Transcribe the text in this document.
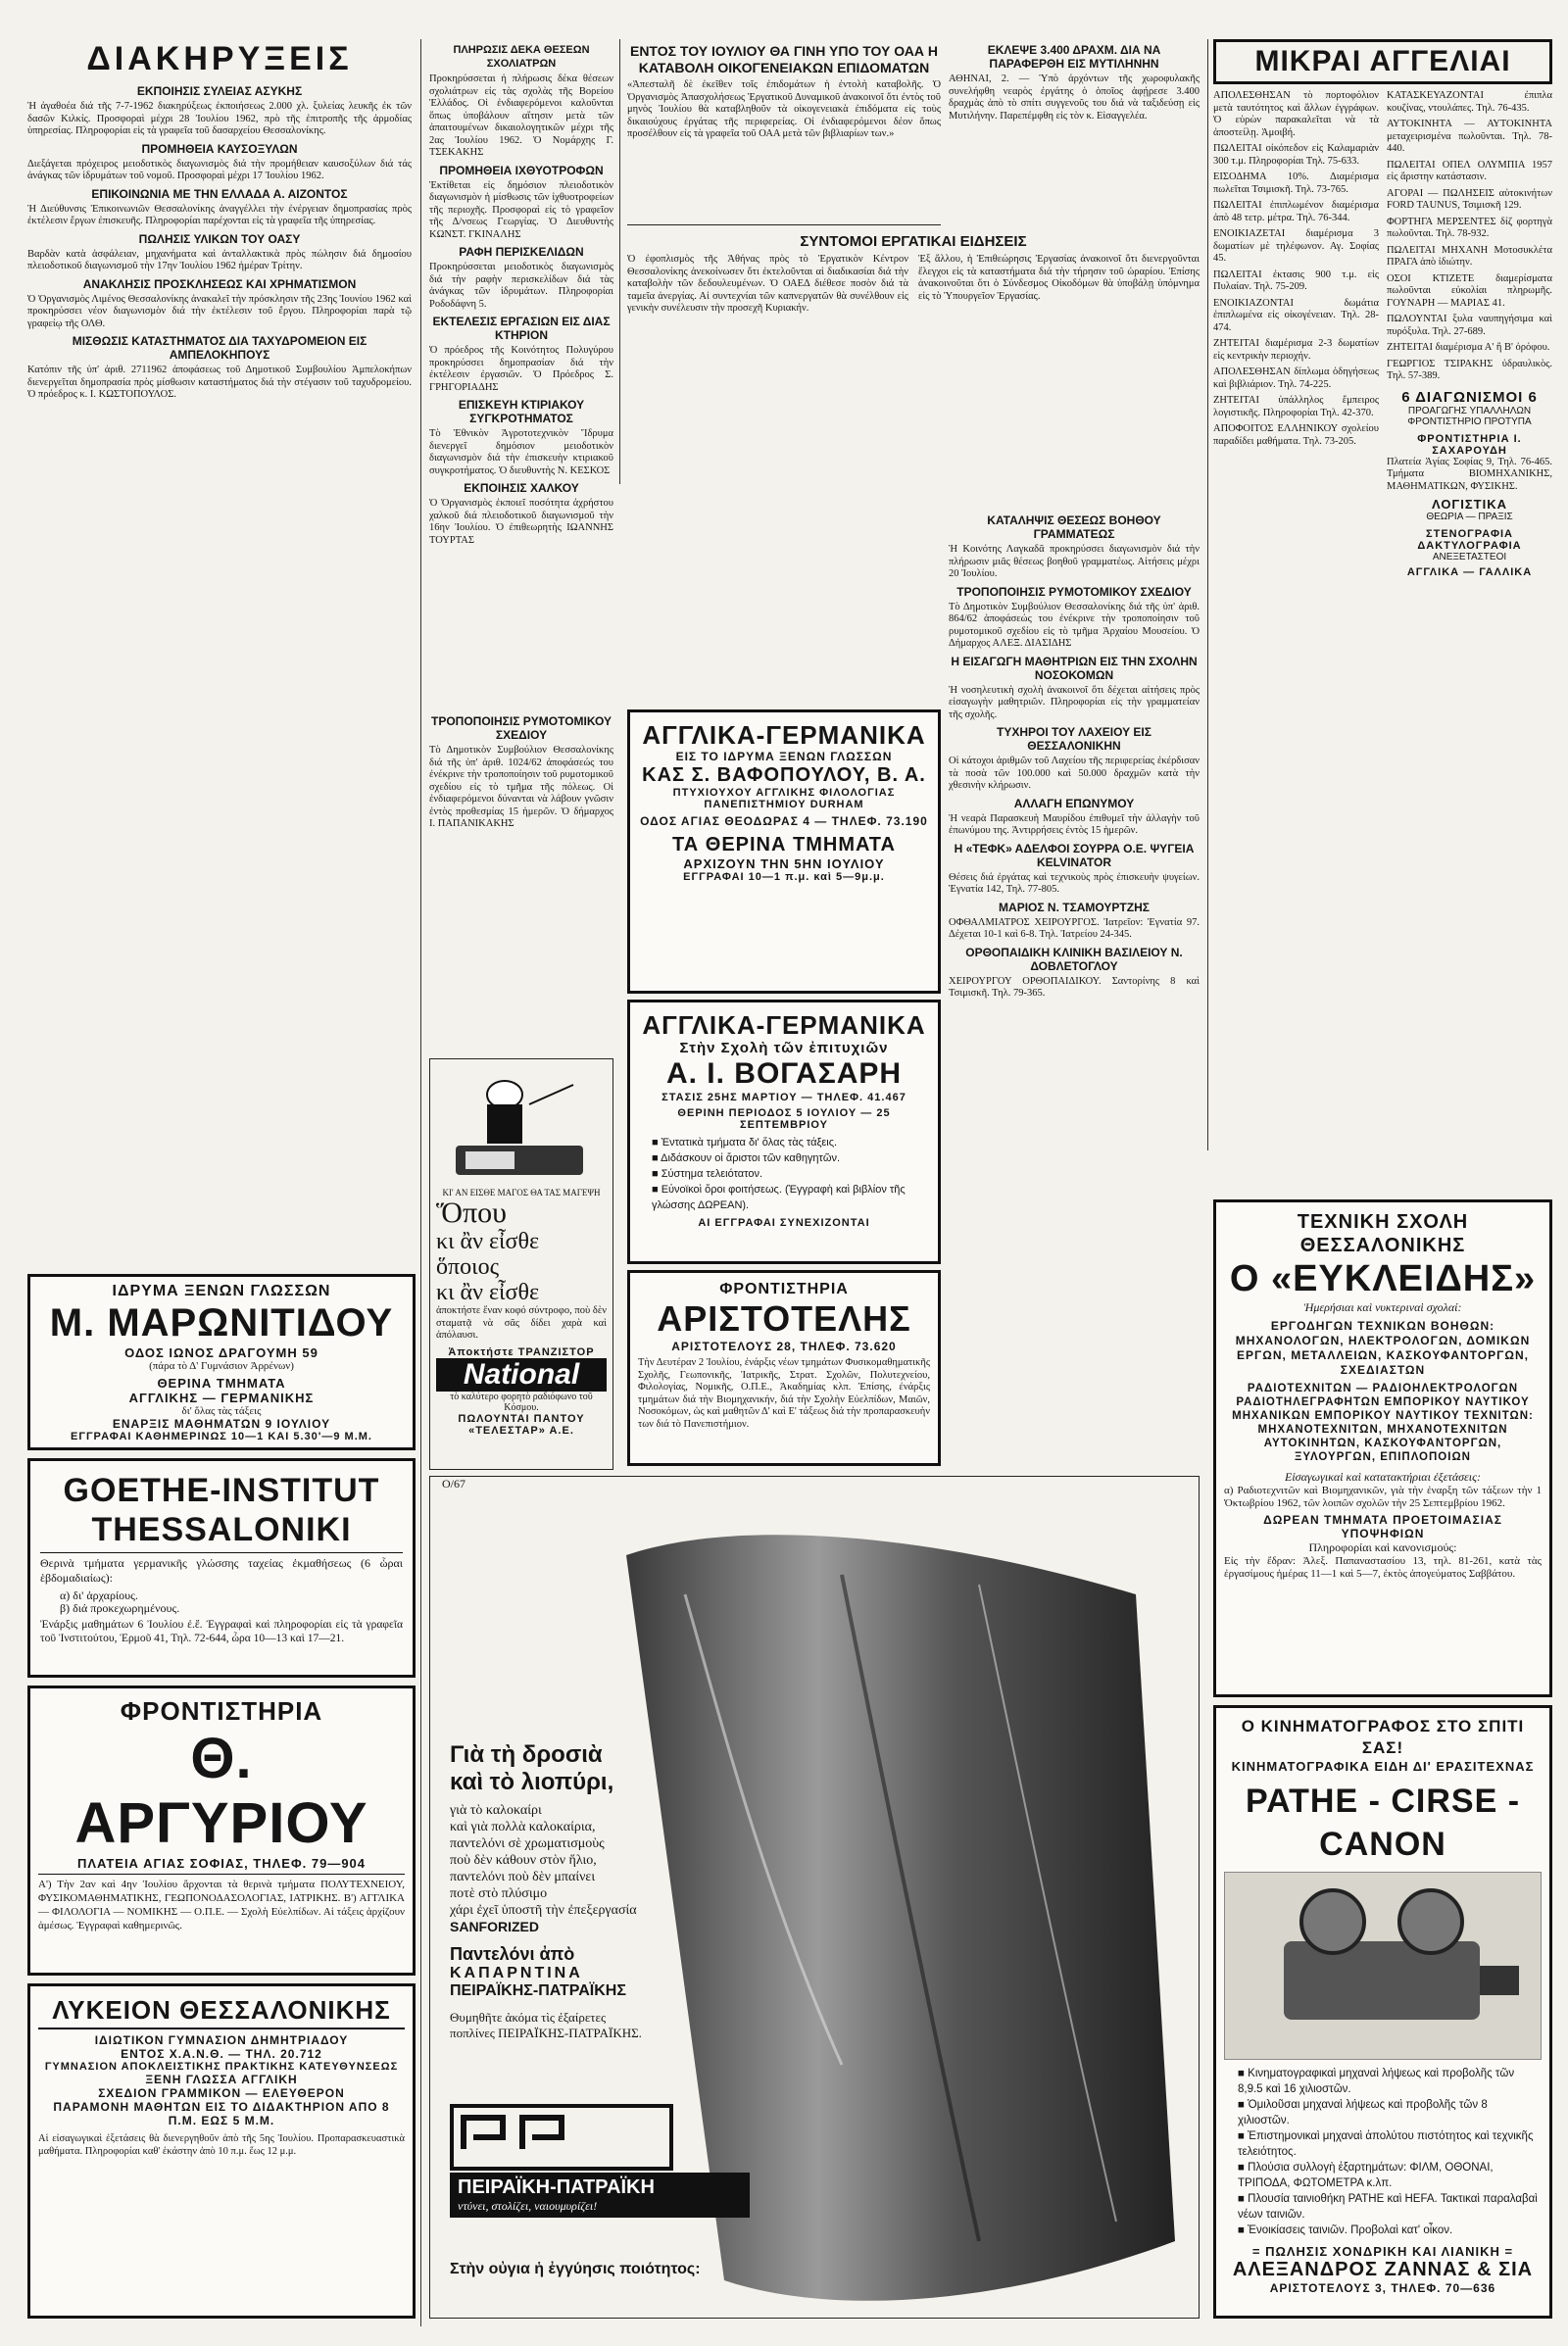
ΔΙΑΚΗΡΥΞΕΙΣ
ΕΚΠΟΙΗΣΙΣ ΣΥΛΕΙΑΣ ΑΣΥΚΗΣ

Ἡ ἀγαθοέα διά τῆς 7-7-1962 διακηρύξεως ἐκποιήσεως 2.000 χλ. ξυλείας λευκῆς ἐκ τῶν δασῶν Κιλκίς. Προσφοραὶ μέχρι 28 Ἰουλίου 1962, πρὸ τῆς ἐπιτροπῆς τῆς ἀρμοδίας ὑπηρεσίας. Πληροφορίαι εἰς τὰ γραφεῖα τοῦ δασαρχείου Θεσσαλονίκης.

ΠΡΟΜΗΘΕΙΑ ΚΑΥΣΟΞΥΛΩΝ

Διεξάγεται πρόχειρος μειοδοτικὸς διαγωνισμὸς διά τὴν προμήθειαν καυσοξύλων διά τάς ἀνάγκας τῶν ἱδρυμάτων τοῦ νομοῦ. Προσφοραὶ μέχρι 17 Ἰουλίου 1962.

ΕΠΙΚΟΙΝΩΝΙΑ ΜΕ ΤΗΝ ΕΛΛΑΔΑ Α. ΑΙΖΟΝΤΟΣ

Ἡ Διεύθυνσις Ἐπικοινωνιῶν Θεσσαλονίκης ἀναγγέλλει τὴν ἐνέργειαν δημοπρασίας πρὸς ἐκτέλεσιν ἔργων ἐπισκευῆς. Πληροφορίαι παρέχονται εἰς τὰ γραφεῖα τῆς ὑπηρεσίας.

ΠΩΛΗΣΙΣ ΥΛΙΚΩΝ ΤΟΥ ΟΑΣΥ

Βαρδὰν κατὰ ἀσφάλειαν, μηχανήματα καὶ ἀνταλλακτικὰ πρὸς πώλησιν διά δημοσίου πλειοδοτικοῦ διαγωνισμοῦ τὴν 17ην Ἰουλίου 1962 ἡμέραν Τρίτην.

ΑΝΑΚΛΗΣΙΣ ΠΡΟΣΚΛΗΣΕΩΣ ΚΑΙ ΧΡΗΜΑΤΙΣΜΟΝ

Ὁ Ὀργανισμὸς Λιμένος Θεσσαλονίκης ἀνακαλεῖ τὴν πρόσκλησιν τῆς 23ης Ἰουνίου 1962 καὶ προκηρύσσει νέον διαγωνισμὸν διά τὴν ἐκτέλεσιν τοῦ ἔργου. Πληροφορίαι παρὰ τῷ γραφείῳ τῆς ΟΛΘ.

ΜΙΣΘΩΣΙΣ ΚΑΤΑΣΤΗΜΑΤΟΣ ΔΙΑ ΤΑΧΥΔΡΟΜΕΙΟΝ ΕΙΣ ΑΜΠΕΛΟΚΗΠΟΥΣ

Κατόπιν τῆς ὑπ' ἀριθ. 2711962 ἀποφάσεως τοῦ Δημοτικοῦ Συμβουλίου Ἀμπελοκήπων διενεργεῖται δημοπρασία πρὸς μίσθωσιν καταστήματος διά τὴν στέγασιν τοῦ ταχυδρομείου. Ὁ πρόεδρος κ. Ι. ΚΩΣΤΟΠΟΥΛΟΣ.

ΠΛΗΡΩΣΙΣ ΔΕΚΑ ΘΕΣΕΩΝ ΣΧΟΛΙΑΤΡΩΝ

Προκηρύσσεται ἡ πλήρωσις δέκα θέσεων σχολιάτρων εἰς τὰς σχολὰς τῆς Βορείου Ἑλλάδος. Οἱ ἐνδιαφερόμενοι καλοῦνται ὅπως ὑποβάλουν αἴτησιν μετὰ τῶν ἀπαιτουμένων δικαιολογητικῶν μέχρι τῆς 2ας Ἰουλίου 1962. Ὁ Νομάρχης Γ. ΤΣΕΚΑΚΗΣ

ΠΡΟΜΗΘΕΙΑ ΙΧΘΥΟΤΡΟΦΩΝ

Ἐκτίθεται εἰς δημόσιον πλειοδοτικὸν διαγωνισμὸν ἡ μίσθωσις τῶν ἰχθυοτροφείων τῆς περιοχῆς. Προσφοραὶ εἰς τὸ γραφεῖον τῆς Δ/νσεως Γεωργίας. Ὁ Διευθυντὴς ΚΩΝΣΤ. ΓΚΙΝΑΛΗΣ

ΡΑΦΗ ΠΕΡΙΣΚΕΛΙΔΩΝ

Προκηρύσσεται μειοδοτικὸς διαγωνισμὸς διά τὴν ραφὴν περισκελίδων διά τὰς ἀνάγκας τῶν ἱδρυμάτων. Πληροφορίαι Ροδοδάφνη 5.

ΕΚΤΕΛΕΣΙΣ ΕΡΓΑΣΙΩΝ ΕΙΣ ΔΙΑΣ ΚΤΗΡΙΟΝ

Ὁ πρόεδρος τῆς Κοινότητος Πολυγύρου προκηρύσσει δημοπρασίαν διά τὴν ἐκτέλεσιν ἐργασιῶν. Ὁ Πρόεδρος Σ. ΓΡΗΓΟΡΙΑΔΗΣ

ΕΠΙΣΚΕΥΗ ΚΤΙΡΙΑΚΟΥ ΣΥΓΚΡΟΤΗΜΑΤΟΣ

Τὸ Ἐθνικὸν Ἀγροτοτεχνικὸν Ἵδρυμα διενεργεῖ δημόσιον μειοδοτικὸν διαγωνισμὸν διά τὴν ἐπισκευὴν κτιριακοῦ συγκροτήματος. Ὁ διευθυντὴς Ν. ΚΕΣΚΟΣ

ΕΚΠΟΙΗΣΙΣ ΧΑΛΚΟΥ

Ὁ Ὀργανισμὸς ἐκποιεῖ ποσότητα ἀχρήστου χαλκοῦ διά πλειοδοτικοῦ διαγωνισμοῦ τὴν 16ην Ἰουλίου. Ὁ ἐπιθεωρητὴς ΙΩΑΝΝΗΣ ΤΟΥΡΤΑΣ

ΕΝΤΟΣ ΤΟΥ ΙΟΥΛΙΟΥ ΘΑ ΓΙΝΗ ΥΠΟ ΤΟΥ ΟΑΑ Η ΚΑΤΑΒΟΛΗ ΟΙΚΟΓΕΝΕΙΑΚΩΝ ΕΠΙΔΟΜΑΤΩΝ

«Ἀπεσταλῆ δὲ ἐκεῖθεν τοῖς ἐπιδομάτων ἡ ἐντολὴ καταβολῆς. Ὁ Ὀργανισμὸς Ἀπασχολήσεως Ἐργατικοῦ Δυναμικοῦ ἀνακοινοῖ ὅτι ἐντὸς τοῦ μηνὸς Ἰουλίου θὰ καταβληθοῦν τὰ οἰκογενειακὰ ἐπιδόματα εἰς τοὺς δικαιούχους ἐργάτας τῆς περιφερείας. Οἱ ἐνδιαφερόμενοι δέον ὅπως προσέλθουν εἰς τὰ γραφεῖα τοῦ ΟΑΑ μετὰ τῶν βιβλιαρίων των.»

ΕΚΛΕΨΕ 3.400 ΔΡΑΧΜ. ΔΙΑ ΝΑ ΠΑΡΑΦΕΡΘΗ ΕΙΣ ΜΥΤΙΛΗΝΗΝ

ΑΘΗΝΑΙ, 2. — Ὑπὸ ἀρχόντων τῆς χωροφυλακῆς συνελήφθη νεαρὸς ἐργάτης ὁ ὁποῖος ἀφῄρεσε 3.400 δραχμὰς ἀπὸ τὸ σπίτι συγγενοῦς του διά νὰ ταξιδεύσῃ εἰς Μυτιλήνην. Παρεπέμφθη εἰς τὸν κ. Εἰσαγγελέα.

ΣΥΝΤΟΜΟΙ ΕΡΓΑΤΙΚΑΙ ΕΙΔΗΣΕΙΣ

Ὁ ἐφοπλισμὸς τῆς Ἀθήνας πρὸς τὸ Ἐργατικὸν Κέντρον Θεσσαλονίκης ἀνεκοίνωσεν ὅτι ἐκτελοῦνται αἱ διαδικασίαι διά τὴν καταβολὴν τῶν δεδουλευμένων. Ὁ ΟΑΕΔ διέθεσε ποσὸν διά τὰ ταμεῖα ἀνεργίας. Αἱ συντεχνίαι τῶν καπνεργατῶν θὰ συνέλθουν εἰς γενικὴν συνέλευσιν τὴν προσεχῆ Κυριακήν.

Ἐξ ἄλλου, ἡ Ἐπιθεώρησις Ἐργασίας ἀνακοινοῖ ὅτι διενεργοῦνται ἔλεγχοι εἰς τὰ καταστήματα διά τὴν τήρησιν τοῦ ὡραρίου. Ἐπίσης ἀνακοινοῦται ὅτι ὁ Σύνδεσμος Οἰκοδόμων θὰ ὑποβάλῃ ὑπόμνημα εἰς τὸ Ὑπουργεῖον Ἐργασίας.

ΤΡΟΠΟΠΟΙΗΣΙΣ ΡΥΜΟΤΟΜΙΚΟΥ ΣΧΕΔΙΟΥ

Τὸ Δημοτικὸν Συμβούλιον Θεσσαλονίκης διά τῆς ὑπ' ἀριθ. 1024/62 ἀποφάσεώς του ἐνέκρινε τὴν τροποποίησιν τοῦ ρυμοτομικοῦ σχεδίου εἰς τὸ τμῆμα τῆς πόλεως. Οἱ ἐνδιαφερόμενοι δύνανται νὰ λάβουν γνῶσιν ἐντὸς προθεσμίας 15 ἡμερῶν. Ὁ δήμαρχος Ι. ΠΑΠΑΝΙΚΑΚΗΣ

ΚΑΤΑΛΗΨΙΣ ΘΕΣΕΩΣ ΒΟΗΘΟΥ ΓΡΑΜΜΑΤΕΩΣ

Ἡ Κοινότης Λαγκαδᾶ προκηρύσσει διαγωνισμὸν διά τὴν πλήρωσιν μιᾶς θέσεως βοηθοῦ γραμματέως. Αἰτήσεις μέχρι 20 Ἰουλίου.

ΤΡΟΠΟΠΟΙΗΣΙΣ ΡΥΜΟΤΟΜΙΚΟΥ ΣΧΕΔΙΟΥ

Τὸ Δημοτικὸν Συμβούλιον Θεσσαλονίκης διά τῆς ὑπ' ἀριθ. 864/62 ἀποφάσεώς του ἐνέκρινε τὴν τροποποίησιν τοῦ ρυμοτομικοῦ σχεδίου εἰς τὸ τμῆμα Ἀρχαίου Μουσείου. Ὁ Δήμαρχος ΑΛΕΞ. ΔΙΑΣΙΔΗΣ

Η ΕΙΣΑΓΩΓΗ ΜΑΘΗΤΡΙΩΝ ΕΙΣ ΤΗΝ ΣΧΟΛΗΝ ΝΟΣΟΚΟΜΩΝ

Ἡ νοσηλευτικὴ σχολὴ ἀνακοινοῖ ὅτι δέχεται αἰτήσεις πρὸς εἰσαγωγὴν μαθητριῶν. Πληροφορίαι εἰς τὴν γραμματείαν τῆς σχολῆς.

ΤΥΧΗΡΟΙ ΤΟΥ ΛΑΧΕΙΟΥ ΕΙΣ ΘΕΣΣΑΛΟΝΙΚΗΝ

Οἱ κάτοχοι ἀριθμῶν τοῦ Λαχείου τῆς περιφερείας ἐκέρδισαν τὰ ποσὰ τῶν 100.000 καὶ 50.000 δραχμῶν κατὰ τὴν χθεσινὴν κλήρωσιν.

ΑΛΛΑΓΗ ΕΠΩΝΥΜΟΥ

Ἡ νεαρὰ Παρασκευὴ Μαυρίδου ἐπιθυμεῖ τὴν ἀλλαγὴν τοῦ ἐπωνύμου της. Ἀντιρρήσεις ἐντὸς 15 ἡμερῶν.

Η «ΤΕΦΚ» ΑΔΕΛΦΟΙ ΣΟΥΡΡΑ Ο.Ε. ΨΥΓΕΙΑ KELVINATOR

Θέσεις διά ἐργάτας καὶ τεχνικοὺς πρὸς ἐπισκευὴν ψυγείων. Ἐγνατία 142, Τηλ. 77-805.

ΜΑΡΙΟΣ Ν. ΤΣΑΜΟΥΡΤΖΗΣ

ΟΦΘΑΛΜΙΑΤΡΟΣ ΧΕΙΡΟΥΡΓΟΣ. Ἰατρεῖον: Ἐγνατία 97. Δέχεται 10-1 καὶ 6-8. Τηλ. Ἰατρείου 24-345.

ΟΡΘΟΠΑΙΔΙΚΗ ΚΛΙΝΙΚΗ ΒΑΣΙΛΕΙΟΥ Ν. ΔΟΒΛΕΤΟΓΛΟΥ

ΧΕΙΡΟΥΡΓΟΥ ΟΡΘΟΠΑΙΔΙΚΟΥ. Σαντορίνης 8 καὶ Τσιμισκῆ. Τηλ. 79-365.

ΜΙΚΡΑΙ ΑΓΓΕΛΙΑΙ

ΑΠΟΛΕΣΘΗΣΑΝ τὸ πορτοφόλιον μετὰ ταυτότητος καὶ ἄλλων ἐγγράφων. Ὁ εὑρὼν παρακαλεῖται νὰ τὰ ἀποστείλῃ. Ἀμοιβή.

ΠΩΛΕΙΤΑΙ οἰκόπεδον εἰς Καλαμαριὰν 300 τ.μ. Πληροφορίαι Τηλ. 75-633.

ΕΙΣΟΔΗΜΑ 10%. Διαμέρισμα πωλεῖται Τσιμισκῆ. Τηλ. 73-765.

ΠΩΛΕΙΤΑΙ ἐπιπλωμένον διαμέρισμα ἀπὸ 48 τετρ. μέτρα. Τηλ. 76-344.

ΕΝΟΙΚΙΑΖΕΤΑΙ διαμέρισμα 3 δωματίων μὲ τηλέφωνον. Αγ. Σοφίας 45.

ΠΩΛΕΙΤΑΙ ἐκτασις 900 τ.μ. εἰς Πυλαίαν. Τηλ. 75-209.

ΕΝΟΙΚΙΑΖΟΝΤΑΙ δωμάτια ἐπιπλωμένα εἰς οἰκογένειαν. Τηλ. 28-474.

ΖΗΤΕΙΤΑΙ διαμέρισμα 2-3 δωματίων εἰς κεντρικὴν περιοχήν.

ΑΠΟΛΕΣΘΗΣΑΝ δίπλωμα ὁδηγήσεως καὶ βιβλιάριον. Τηλ. 74-225.

ΖΗΤΕΙΤΑΙ ὑπάλληλος ἔμπειρος λογιστικῆς. Πληροφορίαι Τηλ. 42-370.

ΑΠΟΦΟΙΤΟΣ ΕΛΛΗΝΙΚΟΥ σχολείου παραδίδει μαθήματα. Τηλ. 73-205.

ΚΑΤΑΣΚΕΥΑΖΟΝΤΑΙ ἐπιπλα κουζίνας, ντουλάπες. Τηλ. 76-435.

ΑΥΤΟΚΙΝΗΤΑ — ΑΥΤΟΚΙΝΗΤΑ μεταχειρισμένα πωλοῦνται. Τηλ. 78-440.

ΠΩΛΕΙΤΑΙ ΟΠΕΛ ΟΛΥΜΠΙΑ 1957 εἰς ἄριστην κατάστασιν.

ΑΓΟΡΑΙ — ΠΩΛΗΣΕΙΣ αὐτοκινήτων FORD TAUNUS, Τσιμισκῆ 129.

ΦΟΡΤΗΓΑ ΜΕΡΣΕΝΤΕΣ δίζ φορτηγὰ πωλοῦνται. Τηλ. 78-932.

ΠΩΛΕΙΤΑΙ ΜΗΧΑΝΗ Μοτοσυκλέτα ΠΡΑΓΑ ἀπὸ ἰδιώτην.

ΟΣΟΙ ΚΤΙΖΕΤΕ διαμερίσματα πωλοῦνται εὐκολίαι πληρωμῆς. ΓΟΥΝΑΡΗ — ΜΑΡΙΑΣ 41.

ΠΩΛΟΥΝΤΑΙ ξυλα ναυπηγήσιμα καὶ πυρόξυλα. Τηλ. 27-689.

ΖΗΤΕΙΤΑΙ διαμέρισμα Α' ἢ Β' ὀρόφου.

ΓΕΩΡΓΙΟΣ ΤΣΙΡΑΚΗΣ ὑδραυλικὸς. Τηλ. 57-389.

6 ΔΙΑΓΩΝΙΣΜΟΙ 6
ΠΡΟΑΓΩΓΗΣ ΥΠΑΛΛΗΛΩΝ ΦΡΟΝΤΙΣΤΗΡΙΟ ΠΡΟΤΥΠΑ
ΦΡΟΝΤΙΣΤΗΡΙΑ Ι. ΣΑΧΑΡΟΥΔΗ

Πλατεία Ἁγίας Σοφίας 9, Τηλ. 76-465. Τμήματα ΒΙΟΜΗΧΑΝΙΚΗΣ, ΜΑΘΗΜΑΤΙΚΩΝ, ΦΥΣΙΚΗΣ.

ΛΟΓΙΣΤΙΚΑ
ΘΕΩΡΙΑ — ΠΡΑΞΙΣ
ΣΤΕΝΟΓΡΑΦΙΑ ΔΑΚΤΥΛΟΓΡΑΦΙΑ
ΑΝΕΞΕΤΑΣΤΕΟΙ
ΑΓΓΛΙΚΑ — ΓΑΛΛΙΚΑ
ΙΔΡΥΜΑ ΞΕΝΩΝ ΓΛΩΣΣΩΝ
Μ. ΜΑΡΩΝΙΤΙΔΟΥ
ΟΔΟΣ ΙΩΝΟΣ ΔΡΑΓΟΥΜΗ 59
(πάρα τὸ Δ' Γυμνάσιον Ἀρρένων)
ΘΕΡΙΝΑ ΤΜΗΜΑΤΑ
ΑΓΓΛΙΚΗΣ — ΓΕΡΜΑΝΙΚΗΣ
δι' ὅλας τὰς τάξεις
ΕΝΑΡΞΙΣ ΜΑΘΗΜΑΤΩΝ 9 ΙΟΥΛΙΟΥ
ΕΓΓΡΑΦΑΙ ΚΑΘΗΜΕΡΙΝΩΣ 10—1 ΚΑΙ 5.30'—9 Μ.Μ.
GOETHE-INSTITUT
THESSALONIKI

Θερινὰ τμήματα γερμανικῆς γλώσσης ταχείας ἐκμαθήσεως (6 ὧραι ἑβδομαδιαίως):

α) δι' ἀρχαρίους.

β) διά προκεχωρημένους.

Ἐνάρξις μαθημάτων 6 Ἰουλίου ἐ.ἔ. Ἐγγραφαὶ καὶ πληροφορίαι εἰς τὰ γραφεῖα τοῦ Ἰνστιτούτου, Ἑρμοῦ 41, Τηλ. 72-644, ὧρα 10—13 καὶ 17—21.

ΦΡΟΝΤΙΣΤΗΡΙΑ
Θ. ΑΡΓΥΡΙΟΥ
ΠΛΑΤΕΙΑ ΑΓΙΑΣ ΣΟΦΙΑΣ, ΤΗΛΕΦ. 79—904

Α') Τὴν 2αν καὶ 4ην Ἰουλίου ἄρχονται τὰ θερινὰ τμήματα ΠΟΛΥΤΕΧΝΕΙΟΥ, ΦΥΣΙΚΟΜΑΘΗΜΑΤΙΚΗΣ, ΓΕΩΠΟΝΟΔΑΣΟΛΟΓΙΑΣ, ΙΑΤΡΙΚΗΣ. Β') ΑΓΓΛΙΚΑ — ΦΙΛΟΛΟΓΙΑ — ΝΟΜΙΚΗΣ — Ο.Π.Ε. — Σχολὴ Εὐελπίδων. Αἱ τάξεις ἀρχίζουν ἀμέσως. Ἐγγραφαὶ καθημερινῶς.

ΛΥΚΕΙΟΝ ΘΕΣΣΑΛΟΝΙΚΗΣ
ΙΔΙΩΤΙΚΟΝ ΓΥΜΝΑΣΙΟΝ ΔΗΜΗΤΡΙΑΔΟΥ
ΕΝΤΟΣ Χ.Α.Ν.Θ. — ΤΗΛ. 20.712
ΓΥΜΝΑΣΙΟΝ ΑΠΟΚΛΕΙΣΤΙΚΗΣ ΠΡΑΚΤΙΚΗΣ ΚΑΤΕΥΘΥΝΣΕΩΣ
ΞΕΝΗ ΓΛΩΣΣΑ ΑΓΓΛΙΚΗ
ΣΧΕΔΙΟΝ ΓΡΑΜΜΙΚΟΝ — ΕΛΕΥΘΕΡΟΝ
ΠΑΡΑΜΟΝΗ ΜΑΘΗΤΩΝ ΕΙΣ ΤΟ ΔΙΔΑΚΤΗΡΙΟΝ ΑΠΟ 8 Π.Μ. ΕΩΣ 5 Μ.Μ.

Αἱ εἰσαγωγικαὶ ἐξετάσεις θὰ διενεργηθοῦν ἀπὸ τῆς 5ης Ἰουλίου. Προπαρασκευαστικὰ μαθήματα. Πληροφορίαι καθ' ἑκάστην ἀπὸ 10 π.μ. ἕως 12 μ.μ.

ΚΙ' ΑΝ ΕΙΣΘΕ ΜΑΓΟΣ ΘΑ ΤΑΣ ΜΑΓΕΨΗ
Ὅπου
κι ἂν εἶσθε
ὅποιος
κι ἂν εἶσθε

ἀποκτήστε ἕναν κοφό σύντροφο, ποὺ δὲν σταματᾷ νὰ σᾶς δίδει χαρὰ καὶ ἀπόλαυσι.

Ἀποκτήστε ΤΡΑΝΖΙΣΤΟΡ
National
τὸ καλύτερο φορητὸ ραδιόφωνο τοῦ Κόσμου.
ΠΩΛΟΥΝΤΑΙ ΠΑΝΤΟΥ
«ΤΕΛΕΣΤΑΡ» Α.Ε.
ΑΓΓΛΙΚΑ-ΓΕΡΜΑΝΙΚΑ
ΕΙΣ ΤΟ ΙΔΡΥΜΑ ΞΕΝΩΝ ΓΛΩΣΣΩΝ
ΚΑΣ Σ. ΒΑΦΟΠΟΥΛΟΥ, Β. Α.
ΠΤΥΧΙΟΥΧΟΥ ΑΓΓΛΙΚΗΣ ΦΙΛΟΛΟΓΙΑΣ
ΠΑΝΕΠΙΣΤΗΜΙΟΥ DURHAM
ΟΔΟΣ ΑΓΙΑΣ ΘΕΟΔΩΡΑΣ 4 — ΤΗΛΕΦ. 73.190
ΤΑ ΘΕΡΙΝΑ ΤΜΗΜΑΤΑ
ΑΡΧΙΖΟΥΝ ΤΗΝ 5ΗΝ ΙΟΥΛΙΟΥ
ΕΓΓΡΑΦΑΙ 10—1 π.μ. καὶ 5—9μ.μ.
ΑΓΓΛΙΚΑ-ΓΕΡΜΑΝΙΚΑ
Στὴν Σχολὴ τῶν ἐπιτυχιῶν
Α. Ι. ΒΟΓΑΣΑΡΗ
ΣΤΑΣΙΣ 25ΗΣ ΜΑΡΤΙΟΥ — ΤΗΛΕΦ. 41.467
ΘΕΡΙΝΗ ΠΕΡΙΟΔΟΣ 5 ΙΟΥΛΙΟΥ — 25 ΣΕΠΤΕΜΒΡΙΟΥ
■ Ἐντατικὰ τμήματα δι' ὅλας τὰς τάξεις.
■ Διδάσκουν οἱ ἄριστοι τῶν καθηγητῶν.
■ Σύστημα τελειότατον.
■ Εὐνοϊκοὶ ὅροι φοιτήσεως. (Ἐγγραφὴ καὶ βιβλίον τῆς γλώσσης ΔΩΡΕΑΝ).
ΑΙ ΕΓΓΡΑΦΑΙ ΣΥΝΕΧΙΖΟΝΤΑΙ
ΦΡΟΝΤΙΣΤΗΡΙΑ
ΑΡΙΣΤΟΤΕΛΗΣ
ΑΡΙΣΤΟΤΕΛΟΥΣ 28, ΤΗΛΕΦ. 73.620

Τὴν Δευτέραν 2 Ἰουλίου, ἐνάρξις νέων τμημάτων Φυσικομαθηματικῆς Σχολῆς, Γεωπονικῆς, Ἰατρικῆς, Στρατ. Σχολῶν, Πολυτεχνείου, Φιλολογίας, Νομικῆς, Ο.Π.Ε., Ἀκαδημίας κλπ. Ἐπίσης, ἐνάρξις τμημάτων διά τὴν Βιομηχανικήν, διά τὴν Σχολὴν Εὐελπίδων, Μαιῶν, Νοσοκόμων, ὡς καὶ μαθητῶν Δ' καὶ Ε' τάξεως διά τὴν προπαρασκευὴν των διά τὸ Πανεπιστήμιον.

Ο/67
Γιὰ τὴ δροσιὰ
καὶ τὸ λιοπύρι,
γιὰ τὸ καλοκαίρι
καὶ γιὰ πολλὰ καλοκαίρια,
παντελόνι σὲ χρωματισμοὺς
ποὺ δὲν κάθουν στὸν ἥλιο,
παντελόνι ποὺ δὲν μπαίνει
ποτὲ στὸ πλύσιμο
χάρι ἐχεῖ ὑποστῆ τὴν ἐπεξεργασία
SANFORIZED
Παντελόνι ἀπὸ
ΚΑΠΑΡΝΤΙΝΑ
ΠΕΙΡΑΪΚΗΣ-ΠΑΤΡΑΪΚΗΣ
Θυμηθῆτε ἀκόμα τὶς ἐξαίρετες
ποπλίνες ΠΕΙΡΑΪΚΗΣ-ΠΑΤΡΑΪΚΗΣ.
ΠΕΙΡΑΪΚΗ-ΠΑΤΡΑΪΚΗ
ντύνει, στολίζει, ναιουμυρίζει!
Στὴν οὐγια ἡ ἐγγύησις ποιότητος:
ΤΕΧΝΙΚΗ ΣΧΟΛΗ ΘΕΣΣΑΛΟΝΙΚΗΣ
Ο «ΕΥΚΛΕΙΔΗΣ»
Ἡμερήσιαι καὶ νυκτεριναὶ σχολαί:
ΕΡΓΟΔΗΓΩΝ ΤΕΧΝΙΚΩΝ ΒΟΗΘΩΝ: ΜΗΧΑΝΟΛΟΓΩΝ, ΗΛΕΚΤΡΟΛΟΓΩΝ, ΔΟΜΙΚΩΝ ΕΡΓΩΝ, ΜΕΤΑΛΛΕΙΩΝ, ΚΑΣΚΟΥΦΑΝΤΟΡΓΩΝ, ΣΧΕΔΙΑΣΤΩΝ
ΡΑΔΙΟΤΕΧΝΙΤΩΝ — ΡΑΔΙΟΗΛΕΚΤΡΟΛΟΓΩΝ ΡΑΔΙΟΤΗΛΕΓΡΑΦΗΤΩΝ ΕΜΠΟΡΙΚΟΥ ΝΑΥΤΙΚΟΥ ΜΗΧΑΝΙΚΩΝ ΕΜΠΟΡΙΚΟΥ ΝΑΥΤΙΚΟΥ ΤΕΧΝΙΤΩΝ: ΜΗΧΑΝΟΤΕΧΝΙΤΩΝ, ΜΗΧΑΝΟΤΕΧΝΙΤΩΝ ΑΥΤΟΚΙΝΗΤΩΝ, ΚΑΣΚΟΥΦΑΝΤΟΡΓΩΝ, ΞΥΛΟΥΡΓΩΝ, ΕΠΙΠΛΟΠΟΙΩΝ
Εἰσαγωγικαὶ καὶ κατατακτήριαι ἐξετάσεις:

α) Ραδιοτεχνιτῶν καὶ Βιομηχανικῶν, γιὰ τὴν ἐναρξη τῶν τάξεων τὴν 1 Ὀκτωβρίου 1962, τῶν λοιπῶν σχολῶν τὴν 25 Σεπτεμβρίου 1962.

ΔΩΡΕΑΝ ΤΜΗΜΑΤΑ ΠΡΟΕΤΟΙΜΑΣΙΑΣ ΥΠΟΨΗΦΙΩΝ
Πληροφορίαι καὶ κανονισμούς:

Εἰς τὴν ἔδραν: Ἀλεξ. Παπαναστασίου 13, τηλ. 81-261, κατὰ τὰς ἐργασίμους ἡμέρας 11—1 καὶ 5—7, ἐκτὸς ἀπογεύματος Σαββάτου.

Ο ΚΙΝΗΜΑΤΟΓΡΑΦΟΣ ΣΤΟ ΣΠΙΤΙ ΣΑΣ!
ΚΙΝΗΜΑΤΟΓΡΑΦΙΚΑ ΕΙΔΗ ΔΙ' ΕΡΑΣΙΤΕΧΝΑΣ
PATHE - CIRSE - CANON
■ Κινηματογραφικαὶ μηχαναὶ λήψεως καὶ προβολῆς τῶν 8,9.5 καὶ 16 χιλιοστῶν.
■ Ὁμιλοῦσαι μηχαναὶ λήψεως καὶ προβολῆς τῶν 8 χιλιοστῶν.
■ Ἐπιστημονικαὶ μηχαναὶ ἀπολύτου πιστότητος καὶ τεχνικῆς τελειότητος.
■ Πλούσια συλλογὴ ἐξαρτημάτων: ΦΙΛΜ, ΟΘΟΝΑΙ, ΤΡΙΠΟΔΑ, ΦΩΤΟΜΕΤΡΑ κ.λπ.
■ Πλουσία ταινιοθήκη PATHE καὶ HEFA. Τακτικαὶ παραλαβαὶ νέων ταινιῶν.
■ Ἐνοικίασεις ταινιῶν. Προβολαὶ κατ' οἶκον.
= ΠΩΛΗΣΙΣ ΧΟΝΔΡΙΚΗ ΚΑΙ ΛΙΑΝΙΚΗ =
ΑΛΕΞΑΝΔΡΟΣ ΖΑΝΝΑΣ & ΣΙΑ
ΑΡΙΣΤΟΤΕΛΟΥΣ 3, ΤΗΛΕΦ. 70—636
